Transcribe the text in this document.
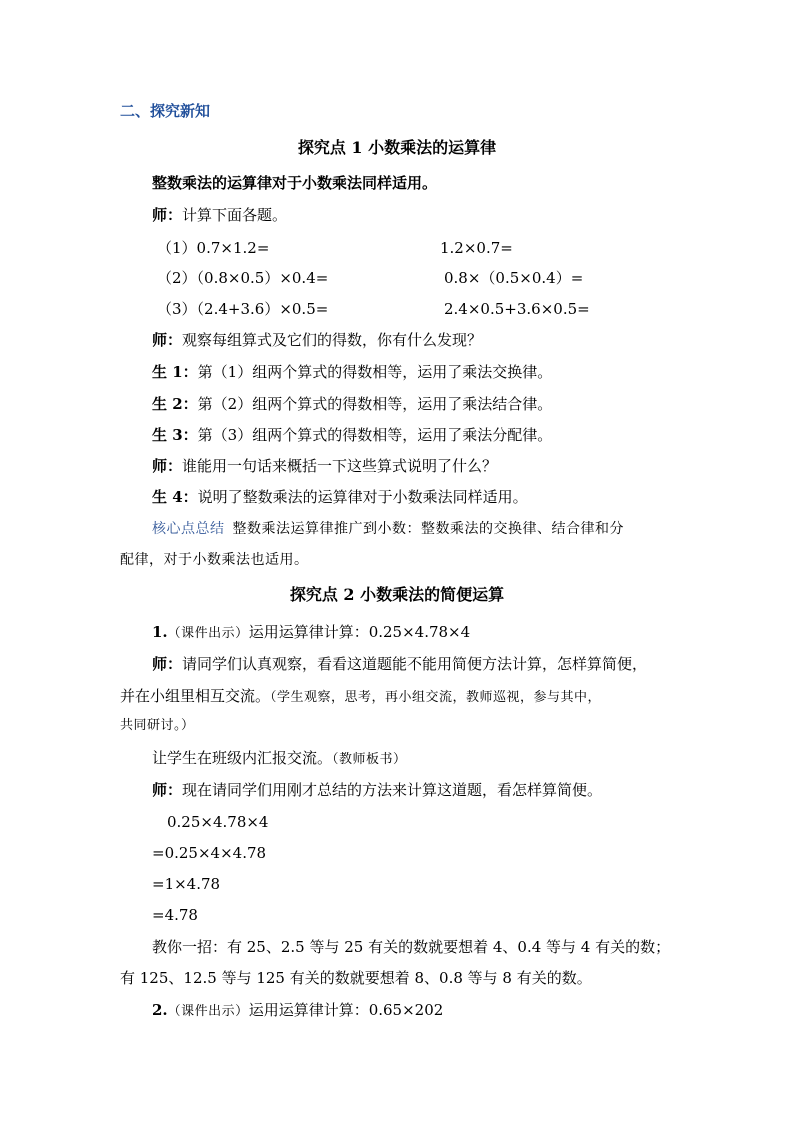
二、探究新知
探究点 1 小数乘法的运算律
整数乘法的运算律对于小数乘法同样适用。
师：计算下面各题。
（1）0.7×1.2=	1.2×0.7=
（2）（0.8×0.5）×0.4=	0.8×（0.5×0.4）=
（3）（2.4+3.6）×0.5=	2.4×0.5+3.6×0.5=
师：观察每组算式及它们的得数，你有什么发现？
生 1：第（1）组两个算式的得数相等，运用了乘法交换律。
生 2：第（2）组两个算式的得数相等，运用了乘法结合律。
生 3：第（3）组两个算式的得数相等，运用了乘法分配律。
师：谁能用一句话来概括一下这些算式说明了什么？
生 4：说明了整数乘法的运算律对于小数乘法同样适用。
核心点总结 整数乘法运算律推广到小数：整数乘法的交换律、结合律和分
配律，对于小数乘法也适用。
探究点 2 小数乘法的简便运算
1.（课件出示）运用运算律计算：0.25×4.78×4
师：请同学们认真观察，看看这道题能不能用简便方法计算，怎样算简便，
并在小组里相互交流。（学生观察，思考，再小组交流，教师巡视，参与其中，
共同研讨。）
让学生在班级内汇报交流。（教师板书）
师：现在请同学们用刚才总结的方法来计算这道题，看怎样算简便。
0.25×4.78×4
=0.25×4×4.78
=1×4.78
=4.78
教你一招：有 25、2.5 等与 25 有关的数就要想着 4、0.4 等与 4 有关的数；
有 125、12.5 等与 125 有关的数就要想着 8、0.8 等与 8 有关的数。
2.（课件出示）运用运算律计算：0.65×202
